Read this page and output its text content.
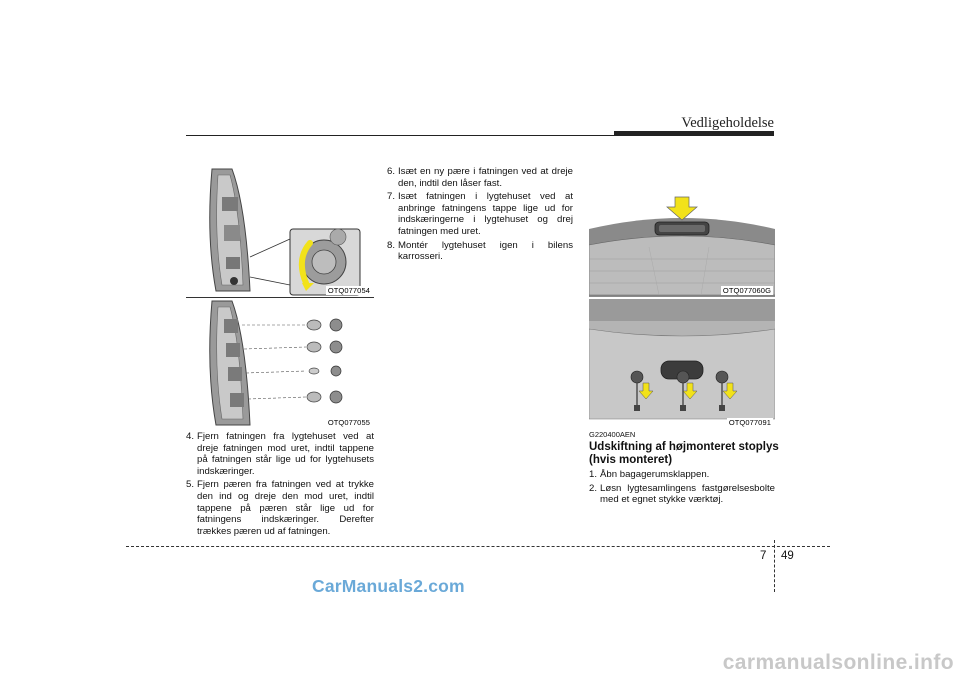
Vedligeholdelse
OTQ077054
OTQ077055
OTQ077060G
OTQ077091
4. Fjern fatningen fra lygtehuset ved at dreje fatningen mod uret, indtil tappene på fatningen står lige ud for lygtehusets indskæringer.
5. Fjern pæren fra fatningen ved at trykke den ind og dreje den mod uret, indtil tappene på pæren står lige ud for fatningens indskæringer. Derefter trækkes pæren ud af fatningen.
6. Isæt en ny pære i fatningen ved at dreje den, indtil den låser fast.
7. Isæt fatningen i lygtehuset ved at anbringe fatningens tappe lige ud for indskæringerne i lygtehuset og drej fatningen med uret.
8. Montér lygtehuset igen i bilens karrosseri.
G220400AEN
Udskiftning af højmonteret stoplys (hvis monteret)
1. Åbn bagagerumsklappen.
2. Løsn lygtesamlingens fastgørelsesbolte med et egnet stykke værktøj.
7 49
CarManuals2.com
carmanualsonline.info
